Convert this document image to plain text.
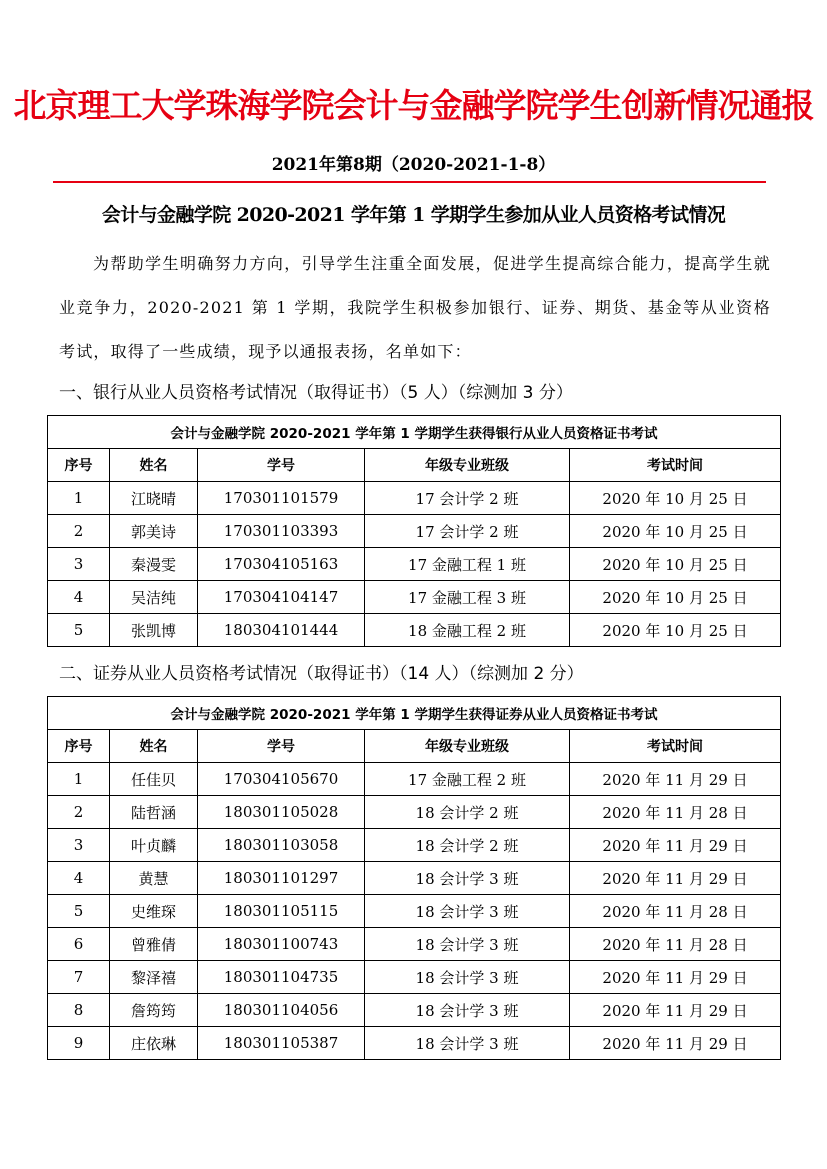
北京理工大学珠海学院会计与金融学院学生创新情况通报
2021年第8期（2020-2021-1-8）
会计与金融学院 2020-2021 学年第 1 学期学生参加从业人员资格考试情况

为帮助学生明确努力方向，引导学生注重全面发展，促进学生提高综合能力，提高学生就业竞争力，2020-2021 第 1 学期，我院学生积极参加银行、证券、期货、基金等从业资格考试，取得了一些成绩，现予以通报表扬，名单如下：

一、银行从业人员资格考试情况（取得证书）（5 人）（综测加 3 分）
会计与金融学院 2020-2021 学年第 1 学期学生获得银行从业人员资格证书考试				
序号	姓名	学号	年级专业班级	考试时间
1	江晓晴	170301101579	17 会计学 2 班	2020 年 10 月 25 日
2	郭美诗	170301103393	17 会计学 2 班	2020 年 10 月 25 日
3	秦漫雯	170304105163	17 金融工程 1 班	2020 年 10 月 25 日
4	吴洁纯	170304104147	17 金融工程 3 班	2020 年 10 月 25 日
5	张凯博	180304101444	18 金融工程 2 班	2020 年 10 月 25 日
二、证券从业人员资格考试情况（取得证书）（14 人）（综测加 2 分）
会计与金融学院 2020-2021 学年第 1 学期学生获得证券从业人员资格证书考试				
序号	姓名	学号	年级专业班级	考试时间
1	任佳贝	170304105670	17 金融工程 2 班	2020 年 11 月 29 日
2	陆哲涵	180301105028	18 会计学 2 班	2020 年 11 月 28 日
3	叶贞麟	180301103058	18 会计学 2 班	2020 年 11 月 29 日
4	黄慧	180301101297	18 会计学 3 班	2020 年 11 月 29 日
5	史维琛	180301105115	18 会计学 3 班	2020 年 11 月 28 日
6	曾雅倩	180301100743	18 会计学 3 班	2020 年 11 月 28 日
7	黎泽禧	180301104735	18 会计学 3 班	2020 年 11 月 29 日
8	詹筠筠	180301104056	18 会计学 3 班	2020 年 11 月 29 日
9	庄依琳	180301105387	18 会计学 3 班	2020 年 11 月 29 日
